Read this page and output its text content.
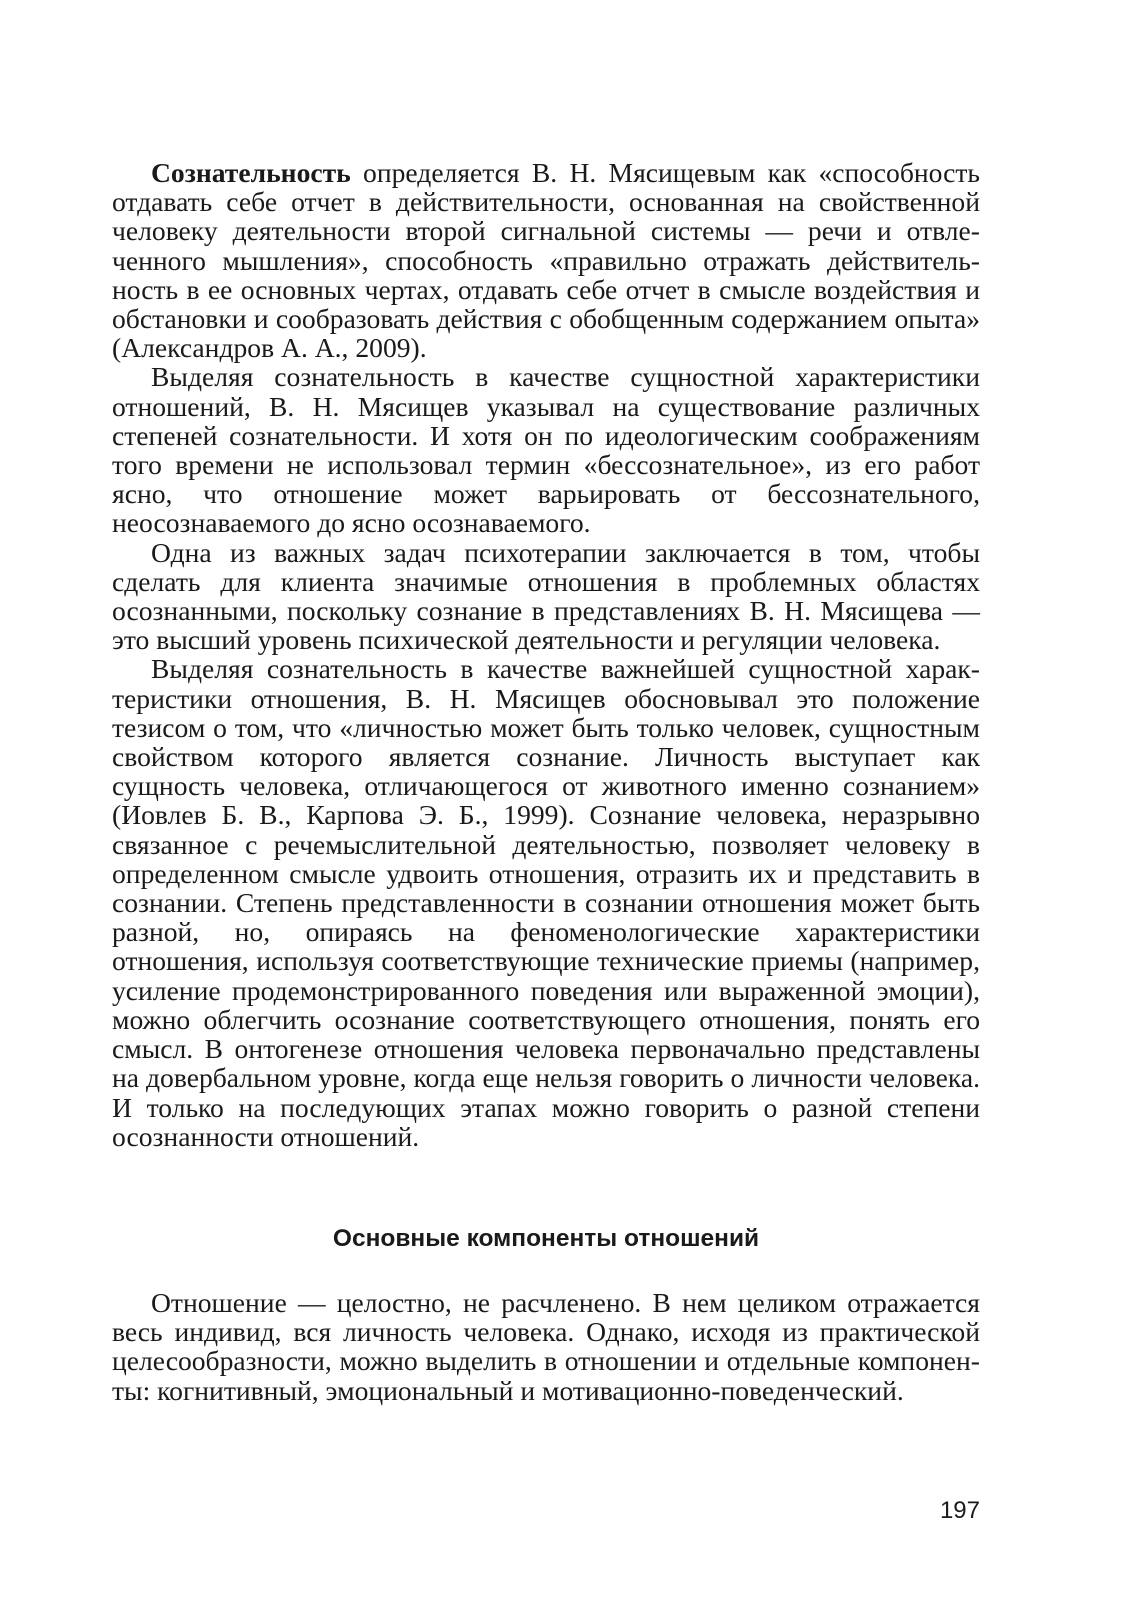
Сознательность определяется В. Н. Мясищевым как «способность отдавать себе отчет в действительности, основанная на свойственной человеку деятельности второй сигнальной системы — речи и отвлеченного мышления», способность «правильно отражать действительность в ее основных чертах, отдавать себе отчет в смысле воздействия и обстановки и сообразовать действия с обобщенным содержанием опыта» (Александров А. А., 2009).

Выделяя сознательность в качестве сущностной характеристики отношений, В. Н. Мясищев указывал на существование различных степеней сознательности. И хотя он по идеологическим соображениям того времени не использовал термин «бессознательное», из его работ ясно, что отношение может варьировать от бессознательного, неосознаваемого до ясно осознаваемого.

Одна из важных задач психотерапии заключается в том, чтобы сделать для клиента значимые отношения в проблемных областях осознанными, поскольку сознание в представлениях В. Н. Мясищева — это высший уровень психической деятельности и регуляции человека.

Выделяя сознательность в качестве важнейшей сущностной характеристики отношения, В. Н. Мясищев обосновывал это положение тезисом о том, что «личностью может быть только человек, сущностным свойством которого является сознание. Личность выступает как сущность человека, отличающегося от животного именно сознанием» (Иовлев Б. В., Карпова Э. Б., 1999). Сознание человека, неразрывно связанное с речемыслительной деятельностью, позволяет человеку в определенном смысле удвоить отношения, отразить их и представить в сознании. Степень представленности в сознании отношения может быть разной, но, опираясь на феноменологические характеристики отношения, используя соответствующие технические приемы (например, усиление продемонстрированного поведения или выраженной эмоции), можно облегчить осознание соответствующего отношения, понять его смысл. В онтогенезе отношения человека первоначально представлены на довербальном уровне, когда еще нельзя говорить о личности человека. И только на последующих этапах можно говорить о разной степени осознанности отношений.

Основные компоненты отношений

Отношение — целостно, не расчленено. В нем целиком отражается весь индивид, вся личность человека. Однако, исходя из практической целесообразности, можно выделить в отношении и отдельные компоненты: когнитивный, эмоциональный и мотивационно-поведенческий.

197
